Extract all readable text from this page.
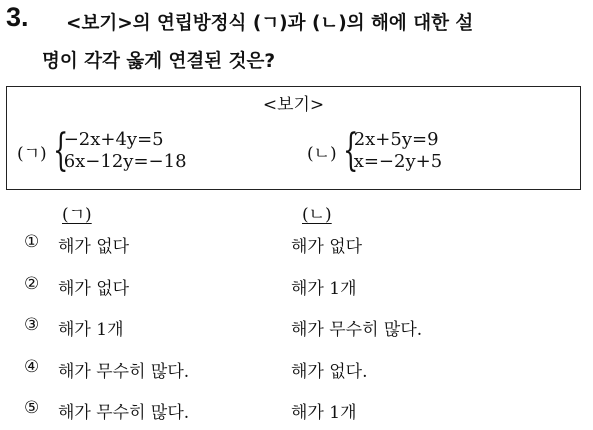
3. <보기>의 연립방정식 (ㄱ)과 (ㄴ)의 해에 대한 설
명이 각각 옳게 연결된 것은?
<보기>
(ㄱ) {
−2x+4y=5
6x−12y=−18	(ㄴ) {
2x+5y=9
x=−2y+5
(ㄱ)	(ㄴ)
① 해가 없다	해가 없다
② 해가 없다	해가 1개
③ 해가 1개	해가 무수히 많다.
④ 해가 무수히 많다.	해가 없다.
⑤ 해가 무수히 많다.	해가 1개
